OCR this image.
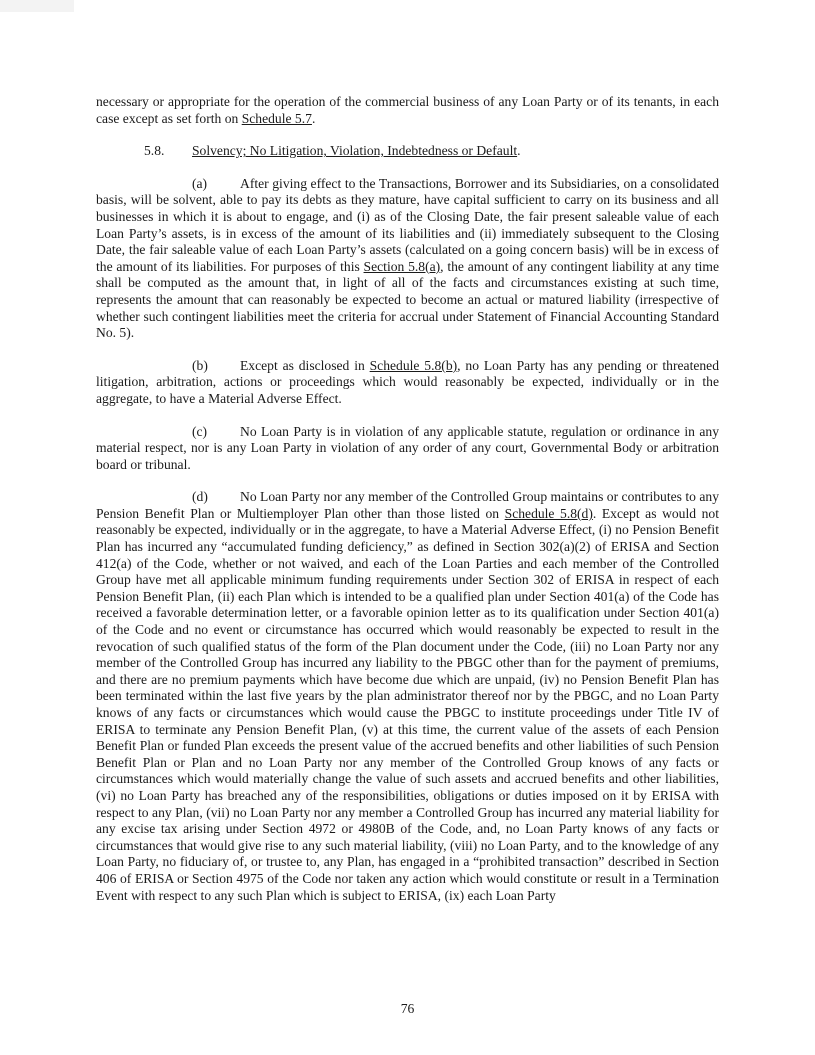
necessary or appropriate for the operation of the commercial business of any Loan Party or of its tenants, in each case except as set forth on Schedule 5.7.

5.8. Solvency; No Litigation, Violation, Indebtedness or Default.

(a) After giving effect to the Transactions, Borrower and its Subsidiaries, on a consolidated basis, will be solvent, able to pay its debts as they mature, have capital sufficient to carry on its business and all businesses in which it is about to engage, and (i) as of the Closing Date, the fair present saleable value of each Loan Party’s assets, is in excess of the amount of its liabilities and (ii) immediately subsequent to the Closing Date, the fair saleable value of each Loan Party’s assets (calculated on a going concern basis) will be in excess of the amount of its liabilities. For purposes of this Section 5.8(a), the amount of any contingent liability at any time shall be computed as the amount that, in light of all of the facts and circumstances existing at such time, represents the amount that can reasonably be expected to become an actual or matured liability (irrespective of whether such contingent liabilities meet the criteria for accrual under Statement of Financial Accounting Standard No. 5).

(b) Except as disclosed in Schedule 5.8(b), no Loan Party has any pending or threatened litigation, arbitration, actions or proceedings which would reasonably be expected, individually or in the aggregate, to have a Material Adverse Effect.

(c) No Loan Party is in violation of any applicable statute, regulation or ordinance in any material respect, nor is any Loan Party in violation of any order of any court, Governmental Body or arbitration board or tribunal.

(d) No Loan Party nor any member of the Controlled Group maintains or contributes to any Pension Benefit Plan or Multiemployer Plan other than those listed on Schedule 5.8(d). Except as would not reasonably be expected, individually or in the aggregate, to have a Material Adverse Effect, (i) no Pension Benefit Plan has incurred any “accumulated funding deficiency,” as defined in Section 302(a)(2) of ERISA and Section 412(a) of the Code, whether or not waived, and each of the Loan Parties and each member of the Controlled Group have met all applicable minimum funding requirements under Section 302 of ERISA in respect of each Pension Benefit Plan, (ii) each Plan which is intended to be a qualified plan under Section 401(a) of the Code has received a favorable determination letter, or a favorable opinion letter as to its qualification under Section 401(a) of the Code and no event or circumstance has occurred which would reasonably be expected to result in the revocation of such qualified status of the form of the Plan document under the Code, (iii) no Loan Party nor any member of the Controlled Group has incurred any liability to the PBGC other than for the payment of premiums, and there are no premium payments which have become due which are unpaid, (iv) no Pension Benefit Plan has been terminated within the last five years by the plan administrator thereof nor by the PBGC, and no Loan Party knows of any facts or circumstances which would cause the PBGC to institute proceedings under Title IV of ERISA to terminate any Pension Benefit Plan, (v) at this time, the current value of the assets of each Pension Benefit Plan or funded Plan exceeds the present value of the accrued benefits and other liabilities of such Pension Benefit Plan or Plan and no Loan Party nor any member of the Controlled Group knows of any facts or circumstances which would materially change the value of such assets and accrued benefits and other liabilities, (vi) no Loan Party has breached any of the responsibilities, obligations or duties imposed on it by ERISA with respect to any Plan, (vii) no Loan Party nor any member a Controlled Group has incurred any material liability for any excise tax arising under Section 4972 or 4980B of the Code, and, no Loan Party knows of any facts or circumstances that would give rise to any such material liability, (viii) no Loan Party, and to the knowledge of any Loan Party, no fiduciary of, or trustee to, any Plan, has engaged in a “prohibited transaction” described in Section 406 of ERISA or Section 4975 of the Code nor taken any action which would constitute or result in a Termination Event with respect to any such Plan which is subject to ERISA, (ix) each Loan Party

76
